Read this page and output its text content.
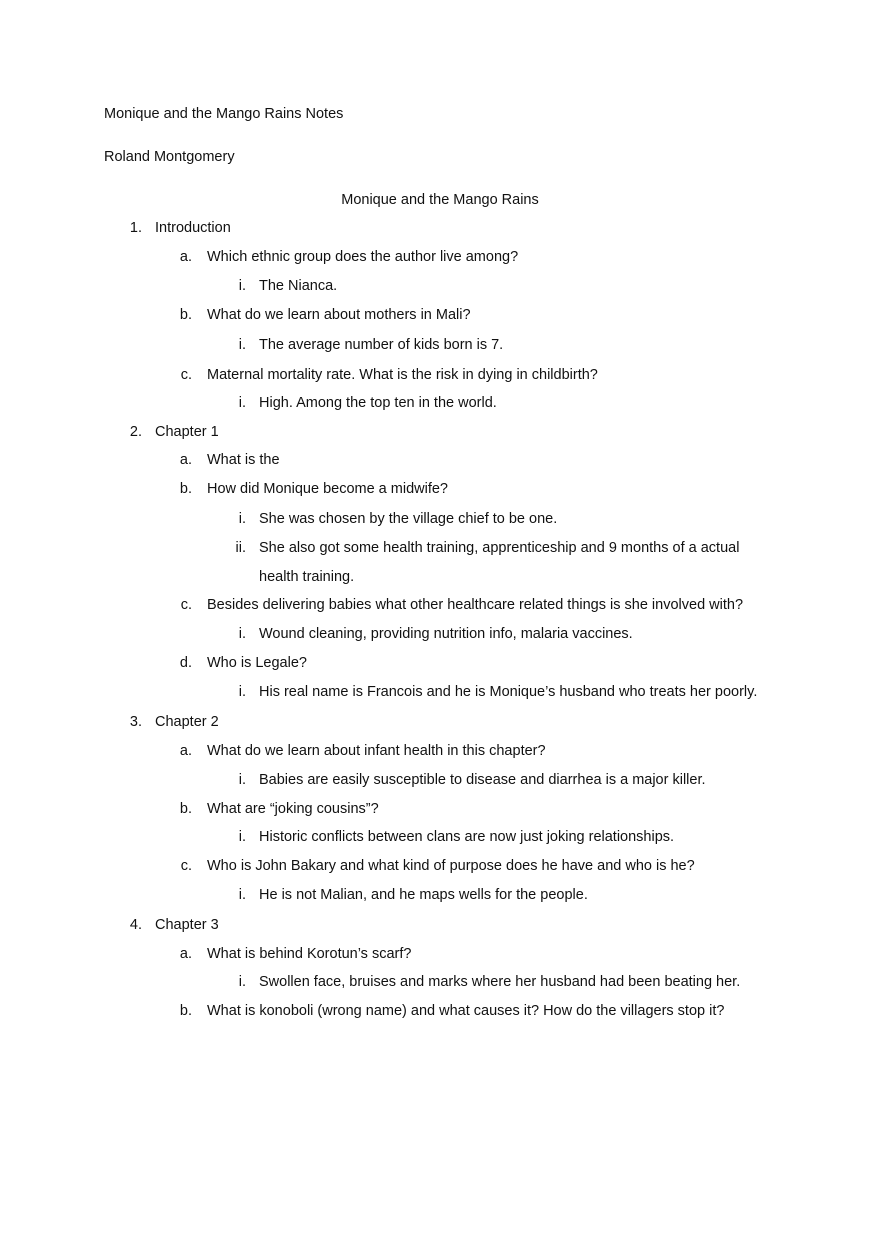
Monique and the Mango Rains Notes
Roland Montgomery
Monique and the Mango Rains
1. Introduction
a. Which ethnic group does the author live among?
i. The Nianca.
b. What do we learn about mothers in Mali?
i. The average number of kids born is 7.
c. Maternal mortality rate. What is the risk in dying in childbirth?
i. High. Among the top ten in the world.
2. Chapter 1
a. What is the
b. How did Monique become a midwife?
i. She was chosen by the village chief to be one.
ii. She also got some health training, apprenticeship and 9 months of a actual
health training.
c. Besides delivering babies what other healthcare related things is she involved with?
i. Wound cleaning, providing nutrition info, malaria vaccines.
d. Who is Legale?
i. His real name is Francois and he is Monique’s husband who treats her poorly.
3. Chapter 2
a. What do we learn about infant health in this chapter?
i. Babies are easily susceptible to disease and diarrhea is a major killer.
b. What are “joking cousins”?
i. Historic conflicts between clans are now just joking relationships.
c. Who is John Bakary and what kind of purpose does he have and who is he?
i. He is not Malian, and he maps wells for the people.
4. Chapter 3
a. What is behind Korotun’s scarf?
i. Swollen face, bruises and marks where her husband had been beating her.
b. What is konoboli (wrong name) and what causes it? How do the villagers stop it?
